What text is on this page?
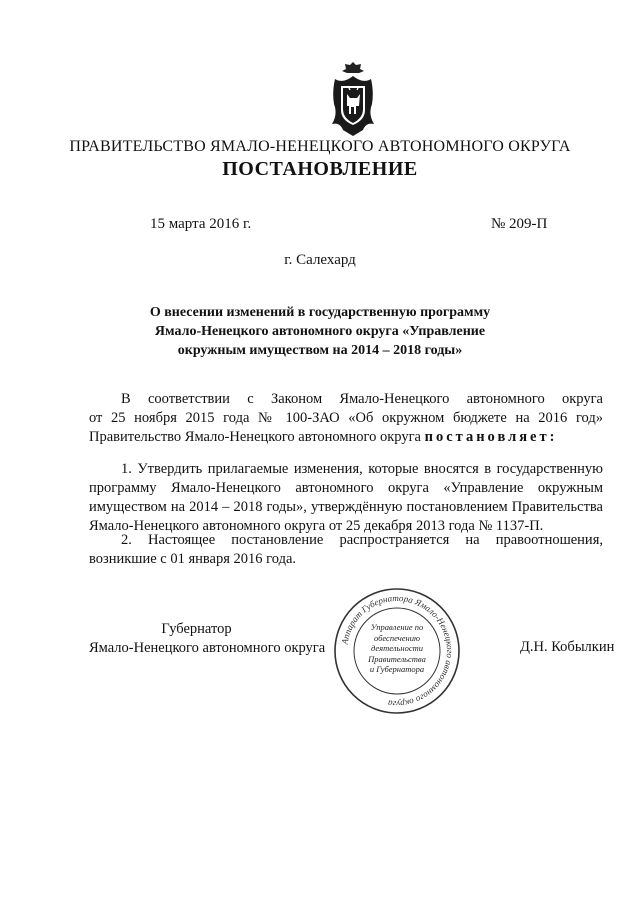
ПРАВИТЕЛЬСТВО ЯМАЛО-НЕНЕЦКОГО АВТОНОМНОГО ОКРУГА
ПОСТАНОВЛЕНИЕ
15 марта 2016 г.	№ 209-П
г. Салехард
О внесении изменений в государственную программу
Ямало-Ненецкого автономного округа «Управление
окружным имуществом на 2014 – 2018 годы»
В соответствии с Законом Ямало-Ненецкого автономного округа
от 25 ноября 2015 года № 100-ЗАО «Об окружном бюджете на 2016 год»
Правительство Ямало-Ненецкого автономного округа постановляет:
1. Утвердить прилагаемые изменения, которые вносятся в государственную
программу Ямало-Ненецкого автономного округа «Управление окружным
имуществом на 2014 – 2018 годы», утверждённую постановлением Правительства
Ямало-Ненецкого автономного округа от 25 декабря 2013 года № 1137-П.
2. Настоящее постановление распространяется на правоотношения,
возникшие с 01 января 2016 года.
Аппарат Губернатора Ямало-Ненецкого автономного округа
Управление по
обеспечению
деятельности
Правительства
и Губернатора
Губернатор
Ямало-Ненецкого автономного округа	Д.Н. Кобылкин
